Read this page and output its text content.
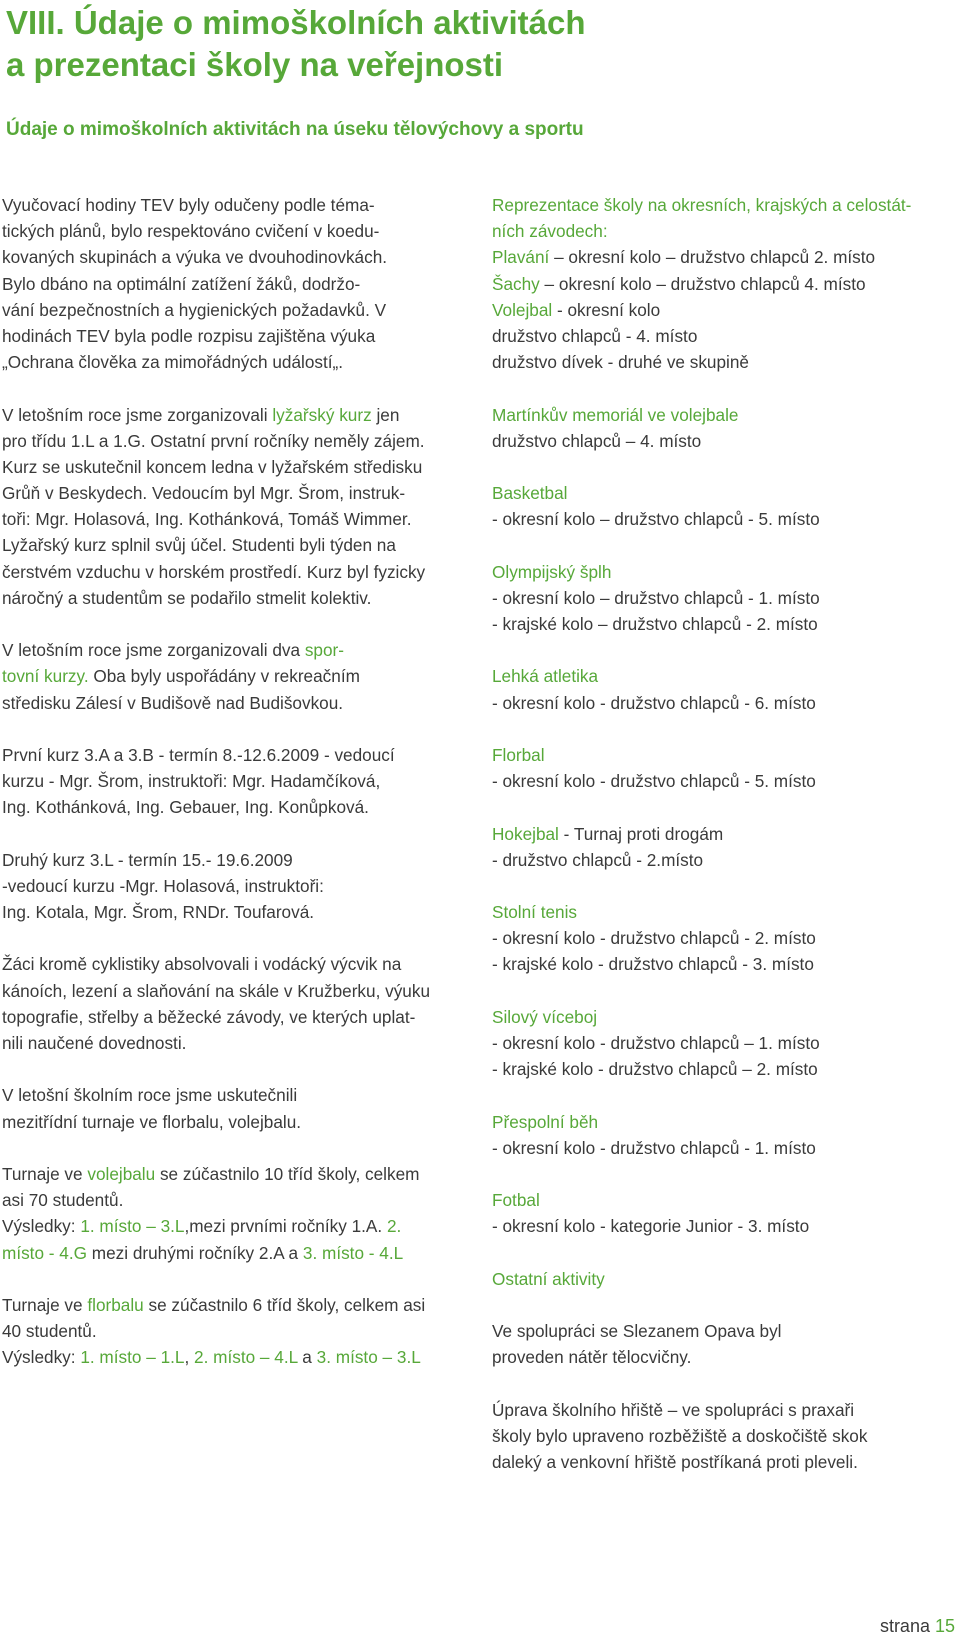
VIII. Údaje o mimoškolních aktivitách
a prezentaci školy na veřejnosti
Údaje o mimoškolních aktivitách na úseku tělovýchovy a sportu
Vyučovací hodiny TEV byly odučeny podle téma-
tických plánů, bylo respektováno cvičení v koedu-
kovaných skupinách a výuka ve dvouhodinovkách.
Bylo dbáno na optimální zatížení žáků, dodržo-
vání bezpečnostních a hygienických požadavků. V
hodinách TEV byla podle rozpisu zajištěna výuka
„Ochrana člověka za mimořádných událostí„.
V letošním roce jsme zorganizovali lyžařský kurz jen
pro třídu 1.L a 1.G. Ostatní první ročníky neměly zájem.
Kurz se uskutečnil koncem ledna v lyžařském středisku
Grůň v Beskydech. Vedoucím byl Mgr. Šrom, instruk-
toři: Mgr. Holasová, Ing. Kothánková, Tomáš Wimmer.
Lyžařský kurz splnil svůj účel. Studenti byli týden na
čerstvém vzduchu v horském prostředí. Kurz byl fyzicky
náročný a studentům se podařilo stmelit kolektiv.
V letošním roce jsme zorganizovali dva spor-
tovní kurzy. Oba byly uspořádány v rekreačním
středisku Zálesí v Budišově nad Budišovkou.
První kurz 3.A a 3.B - termín 8.-12.6.2009 - vedoucí
kurzu - Mgr. Šrom, instruktoři: Mgr. Hadamčíková,
Ing. Kothánková, Ing. Gebauer, Ing. Konůpková.
Druhý kurz 3.L - termín 15.- 19.6.2009
-vedoucí kurzu -Mgr. Holasová, instruktoři:
Ing. Kotala, Mgr. Šrom, RNDr. Toufarová.
Žáci kromě cyklistiky absolvovali i vodácký výcvik na
kánoích, lezení a slaňování na skále v Kružberku, výuku
topografie, střelby a běžecké závody, ve kterých uplat-
nili naučené dovednosti.
V letošní školním roce jsme uskutečnili
mezitřídní turnaje ve florbalu, volejbalu.
Turnaje ve volejbalu se zúčastnilo 10 tříd školy, celkem
asi 70 studentů.
Výsledky: 1. místo – 3.L,mezi prvními ročníky 1.A. 2.
místo - 4.G mezi druhými ročníky 2.A a 3. místo - 4.L
Turnaje ve florbalu se zúčastnilo 6 tříd školy, celkem asi
40 studentů.
Výsledky: 1. místo – 1.L, 2. místo – 4.L a 3. místo – 3.L
Reprezentace školy na okresních, krajských a celostát-
ních závodech:
Plavání – okresní kolo – družstvo chlapců 2. místo
Šachy – okresní kolo – družstvo chlapců 4. místo
Volejbal - okresní kolo
družstvo chlapců - 4. místo
družstvo dívek - druhé ve skupině
Martínkův memoriál ve volejbale
družstvo chlapců – 4. místo
Basketbal
- okresní kolo – družstvo chlapců - 5. místo
Olympijský šplh
- okresní kolo – družstvo chlapců - 1. místo
- krajské kolo – družstvo chlapců - 2. místo
Lehká atletika
- okresní kolo - družstvo chlapců - 6. místo
Florbal
- okresní kolo - družstvo chlapců - 5. místo
Hokejbal - Turnaj proti drogám
- družstvo chlapců - 2.místo
Stolní tenis
- okresní kolo - družstvo chlapců - 2. místo
- krajské kolo - družstvo chlapců - 3. místo
Silový víceboj
- okresní kolo - družstvo chlapců – 1. místo
- krajské kolo - družstvo chlapců – 2. místo
Přespolní běh
- okresní kolo - družstvo chlapců - 1. místo
Fotbal
- okresní kolo - kategorie Junior - 3. místo
Ostatní aktivity
Ve spolupráci se Slezanem Opava byl
proveden nátěr tělocvičny.
Úprava školního hřiště – ve spolupráci s praxaři
školy bylo upraveno rozběžiště a doskočiště skok
daleký a venkovní hřiště postříkaná proti pleveli.
strana 15
